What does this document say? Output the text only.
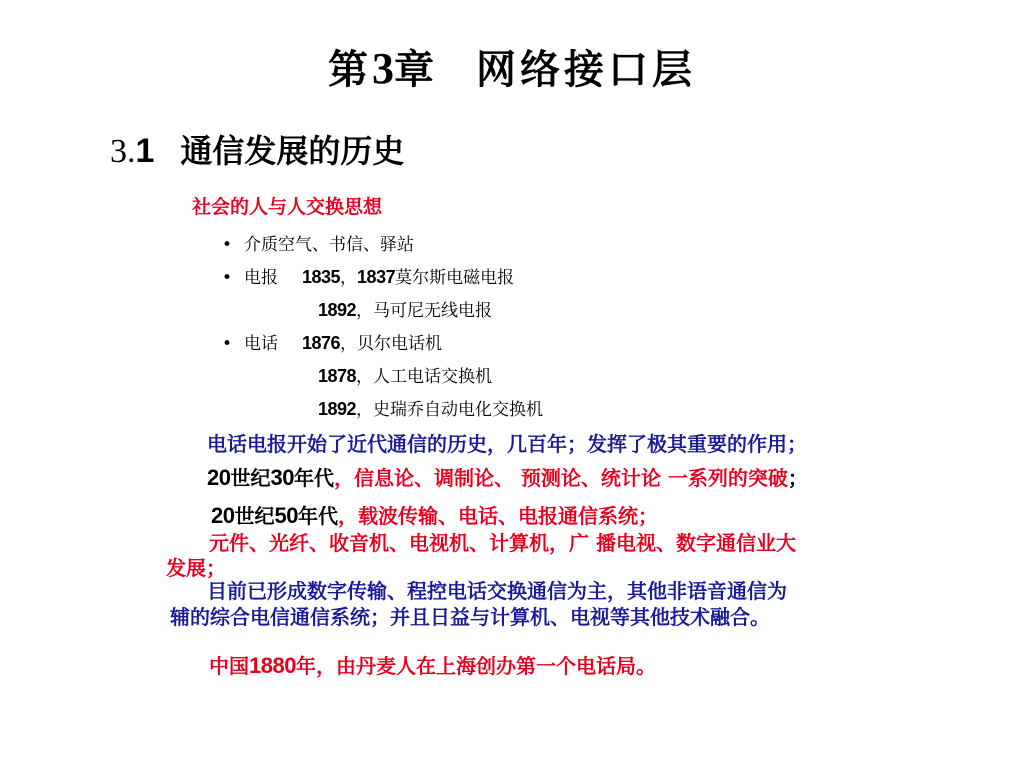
第3章 网络接口层
3.1 通信发展的历史
社会的人与人交换思想
• 介质空气、书信、驿站
• 电报 1835，1837莫尔斯电磁电报
1892，马可尼无线电报
• 电话 1876，贝尔电话机
1878，人工电话交换机
1892，史瑞乔自动电化交换机
电话电报开始了近代通信的历史，几百年；发挥了极其重要的作用；
20世纪30年代，信息论、调制论、 预测论、统计论 一系列的突破；
20世纪50年代，载波传输、电话、电报通信系统；
元件、光纤、收音机、电视机、计算机，广 播电视、数字通信业大
发展；
目前已形成数字传输、程控电话交换通信为主，其他非语音通信为
辅的综合电信通信系统；并且日益与计算机、电视等其他技术融合。
中国1880年，由丹麦人在上海创办第一个电话局。
